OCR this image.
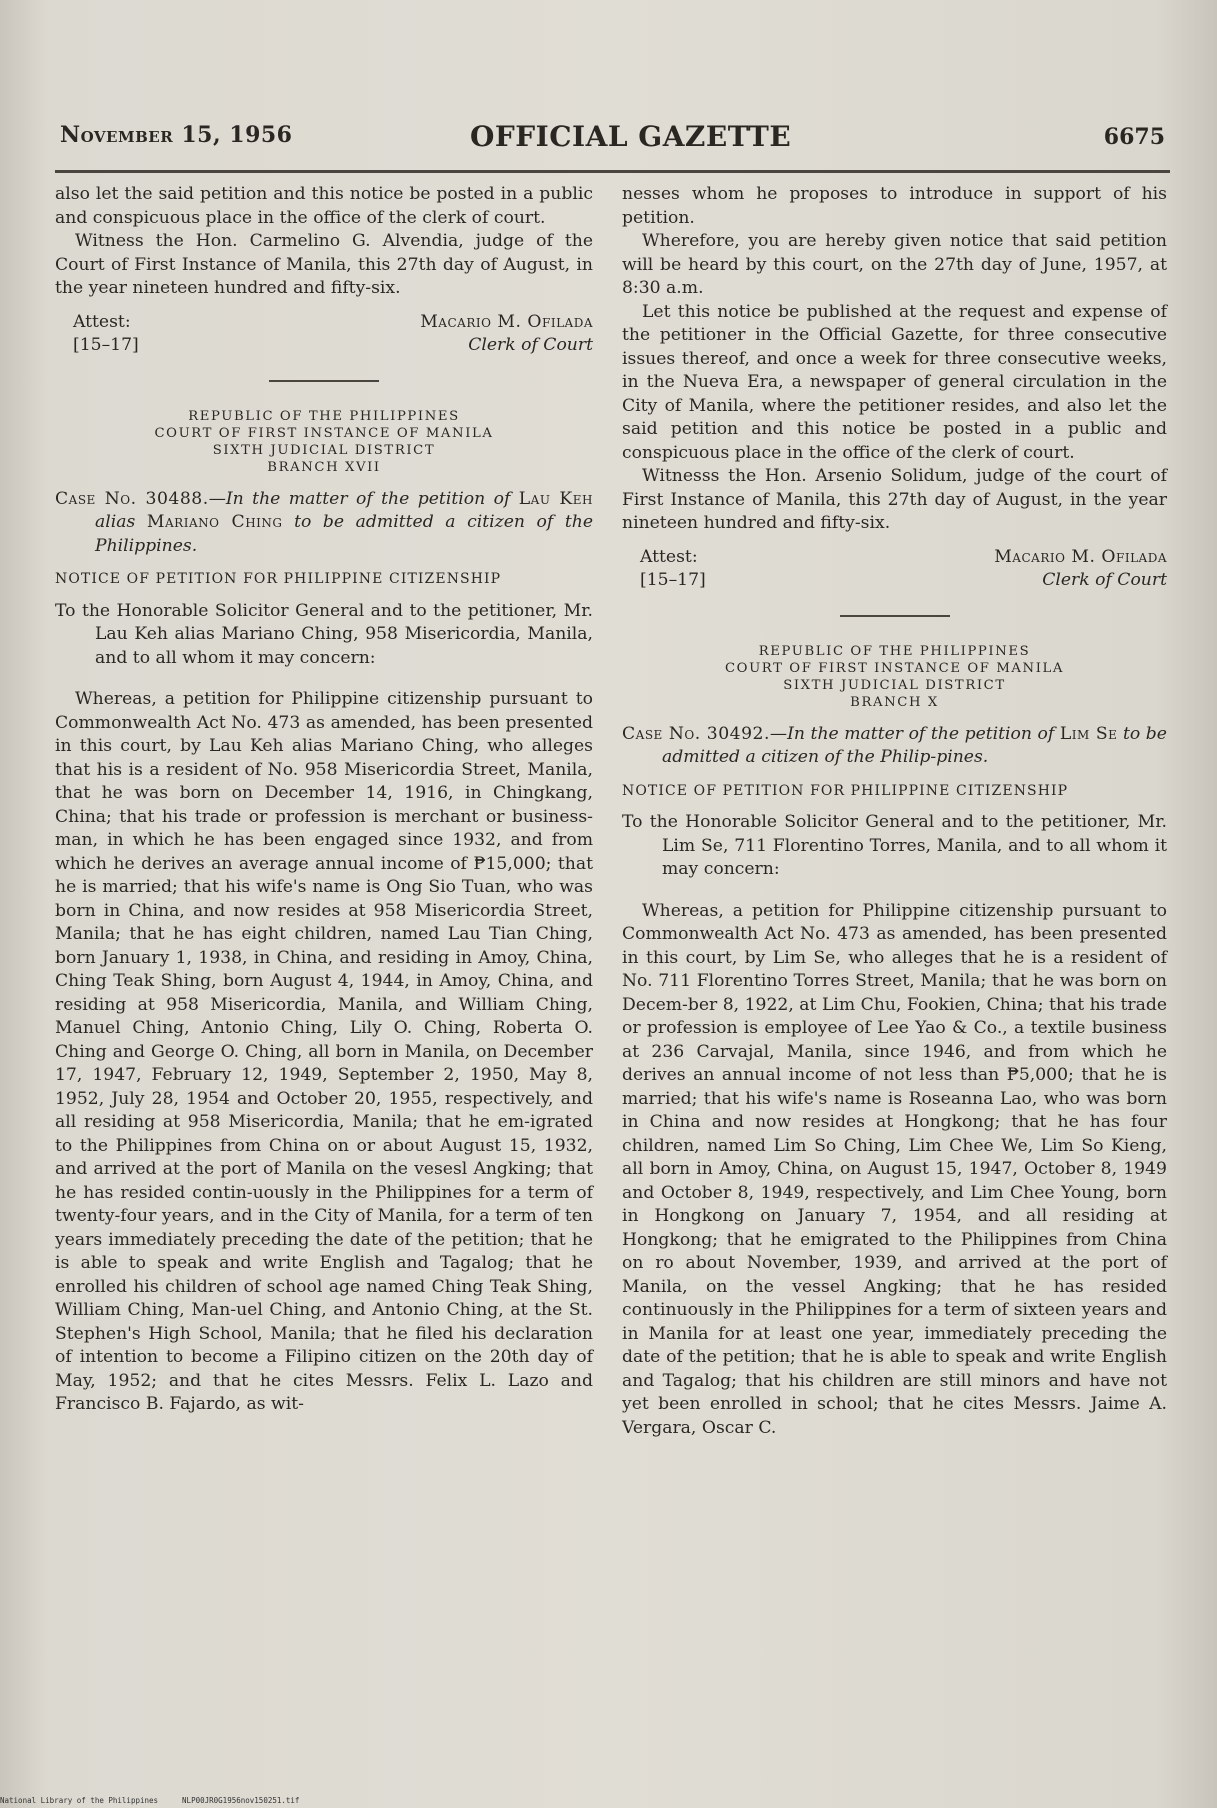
November 15, 1956	OFFICIAL GAZETTE	6675

also let the said petition and this notice be posted in a public and conspicuous place in the office of the clerk of court.

Witness the Hon. Carmelino G. Alvendia, judge of the Court of First Instance of Manila, this 27th day of August, in the year nineteen hundred and fifty-six.

Attest:
[15–17]
Macario M. Ofilada
Clerk of Court
REPUBLIC OF THE PHILIPPINES
COURT OF FIRST INSTANCE OF MANILA
SIXTH JUDICIAL DISTRICT
BRANCH XVII

Case No. 30488.—In the matter of the petition of Lau Keh alias Mariano Ching to be admitted a citizen of the Philippines.

NOTICE OF PETITION FOR PHILIPPINE CITIZENSHIP

To the Honorable Solicitor General and to the petitioner, Mr. Lau Keh alias Mariano Ching, 958 Misericordia, Manila, and to all whom it may concern:

Whereas, a petition for Philippine citizenship pursuant to Commonwealth Act No. 473 as amended, has been presented in this court, by Lau Keh alias Mariano Ching, who alleges that his is a resident of No. 958 Misericordia Street, Manila, that he was born on December 14, 1916, in Chingkang, China; that his trade or profession is merchant or business-man, in which he has been engaged since 1932, and from which he derives an average annual income of ₱15,000; that he is married; that his wife's name is Ong Sio Tuan, who was born in China, and now resides at 958 Misericordia Street, Manila; that he has eight children, named Lau Tian Ching, born January 1, 1938, in China, and residing in Amoy, China, Ching Teak Shing, born August 4, 1944, in Amoy, China, and residing at 958 Misericordia, Manila, and William Ching, Manuel Ching, Antonio Ching, Lily O. Ching, Roberta O. Ching and George O. Ching, all born in Manila, on December 17, 1947, February 12, 1949, September 2, 1950, May 8, 1952, July 28, 1954 and October 20, 1955, respectively, and all residing at 958 Misericordia, Manila; that he em-igrated to the Philippines from China on or about August 15, 1932, and arrived at the port of Manila on the vesesl Angking; that he has resided contin-uously in the Philippines for a term of twenty-four years, and in the City of Manila, for a term of ten years immediately preceding the date of the petition; that he is able to speak and write English and Tagalog; that he enrolled his children of school age named Ching Teak Shing, William Ching, Man-uel Ching, and Antonio Ching, at the St. Stephen's High School, Manila; that he filed his declaration of intention to become a Filipino citizen on the 20th day of May, 1952; and that he cites Messrs. Felix L. Lazo and Francisco B. Fajardo, as wit-

nesses whom he proposes to introduce in support of his petition.

Wherefore, you are hereby given notice that said petition will be heard by this court, on the 27th day of June, 1957, at 8:30 a.m.

Let this notice be published at the request and expense of the petitioner in the Official Gazette, for three consecutive issues thereof, and once a week for three consecutive weeks, in the Nueva Era, a newspaper of general circulation in the City of Manila, where the petitioner resides, and also let the said petition and this notice be posted in a public and conspicuous place in the office of the clerk of court.

Witnesss the Hon. Arsenio Solidum, judge of the court of First Instance of Manila, this 27th day of August, in the year nineteen hundred and fifty-six.

Attest:
[15–17]
Macario M. Ofilada
Clerk of Court
REPUBLIC OF THE PHILIPPINES
COURT OF FIRST INSTANCE OF MANILA
SIXTH JUDICIAL DISTRICT
BRANCH X

Case No. 30492.—In the matter of the petition of Lim Se to be admitted a citizen of the Philip-pines.

NOTICE OF PETITION FOR PHILIPPINE CITIZENSHIP

To the Honorable Solicitor General and to the petitioner, Mr. Lim Se, 711 Florentino Torres, Manila, and to all whom it may concern:

Whereas, a petition for Philippine citizenship pursuant to Commonwealth Act No. 473 as amended, has been presented in this court, by Lim Se, who alleges that he is a resident of No. 711 Florentino Torres Street, Manila; that he was born on Decem-ber 8, 1922, at Lim Chu, Fookien, China; that his trade or profession is employee of Lee Yao & Co., a textile business at 236 Carvajal, Manila, since 1946, and from which he derives an annual income of not less than ₱5,000; that he is married; that his wife's name is Roseanna Lao, who was born in China and now resides at Hongkong; that he has four children, named Lim So Ching, Lim Chee We, Lim So Kieng, all born in Amoy, China, on August 15, 1947, October 8, 1949 and October 8, 1949, respectively, and Lim Chee Young, born in Hongkong on January 7, 1954, and all residing at Hongkong; that he emigrated to the Philippines from China on ro about November, 1939, and arrived at the port of Manila, on the vessel Angking; that he has resided continuously in the Philippines for a term of sixteen years and in Manila for at least one year, immediately preceding the date of the petition; that he is able to speak and write English and Tagalog; that his children are still minors and have not yet been enrolled in school; that he cites Messrs. Jaime A. Vergara, Oscar C.

National Library of the Philippines	NLP00JR0G1956nov150251.tif
